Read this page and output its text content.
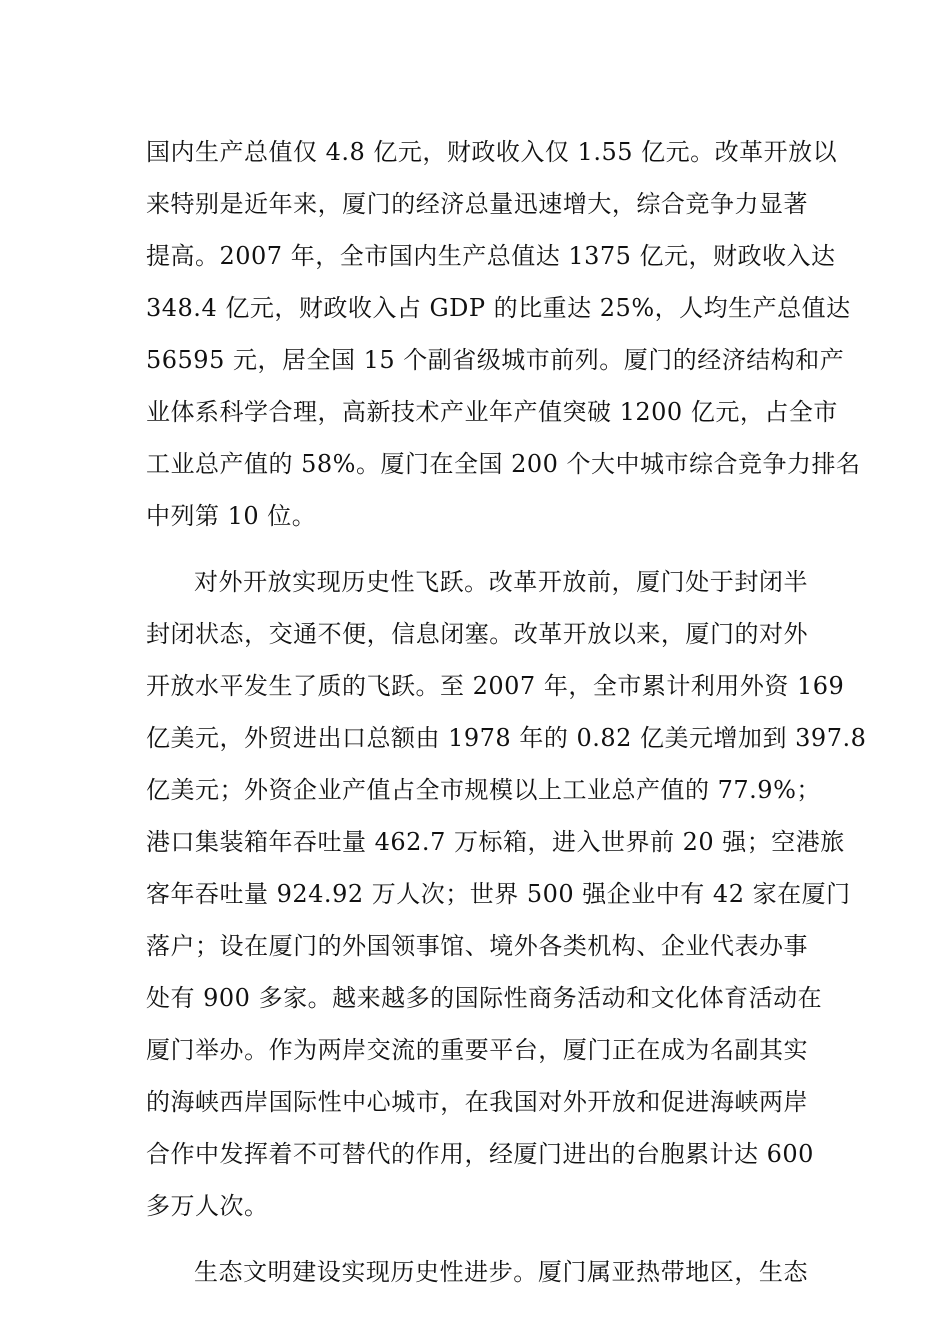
国内生产总值仅 4.8 亿元，财政收入仅 1.55 亿元。改革开放以
来特别是近年来，厦门的经济总量迅速增大，综合竞争力显著
提高。2007 年，全市国内生产总值达 1375 亿元，财政收入达
348.4 亿元，财政收入占 GDP 的比重达 25%，人均生产总值达
56595 元，居全国 15 个副省级城市前列。厦门的经济结构和产
业体系科学合理，高新技术产业年产值突破 1200 亿元，占全市
工业总产值的 58%。厦门在全国 200 个大中城市综合竞争力排名
中列第 10 位。
对外开放实现历史性飞跃。改革开放前，厦门处于封闭半
封闭状态，交通不便，信息闭塞。改革开放以来，厦门的对外
开放水平发生了质的飞跃。至 2007 年，全市累计利用外资 169
亿美元，外贸进出口总额由 1978 年的 0.82 亿美元增加到 397.8
亿美元；外资企业产值占全市规模以上工业总产值的 77.9%；
港口集装箱年吞吐量 462.7 万标箱，进入世界前 20 强；空港旅
客年吞吐量 924.92 万人次；世界 500 强企业中有 42 家在厦门
落户；设在厦门的外国领事馆、境外各类机构、企业代表办事
处有 900 多家。越来越多的国际性商务活动和文化体育活动在
厦门举办。作为两岸交流的重要平台，厦门正在成为名副其实
的海峡西岸国际性中心城市，在我国对外开放和促进海峡两岸
合作中发挥着不可替代的作用，经厦门进出的台胞累计达 600
多万人次。
生态文明建设实现历史性进步。厦门属亚热带地区，生态
